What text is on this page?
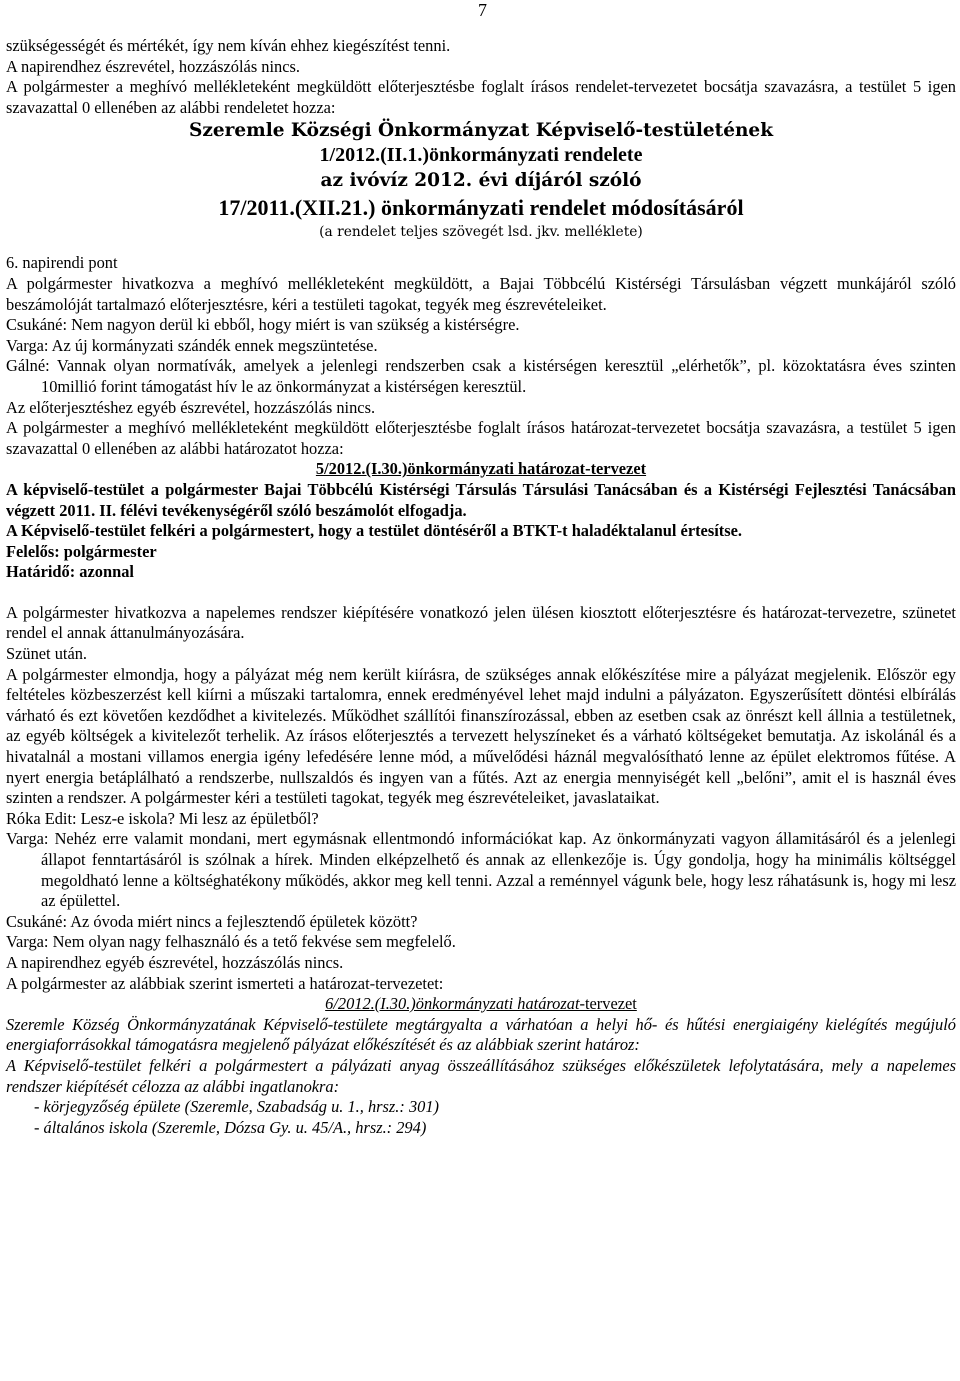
7

szükségességét és mértékét, így nem kíván ehhez kiegészítést tenni.

A napirendhez észrevétel, hozzászólás nincs.

A polgármester a meghívó mellékleteként megküldött előterjesztésbe foglalt írásos rendelet-tervezetet bocsátja szavazásra, a testület 5 igen szavazattal 0 ellenében az alábbi rendeletet hozza:

Szeremle Községi Önkormányzat Képviselő-testületének
1/2012.(II.1.)önkormányzati rendelete
az ivóvíz 2012. évi díjáról szóló
17/2011.(XII.21.) önkormányzati rendelet módosításáról
(a rendelet teljes szövegét lsd. jkv. melléklete)

6. napirendi pont

A polgármester hivatkozva a meghívó mellékleteként megküldött, a Bajai Többcélú Kistérségi Társulásban végzett munkájáról szóló beszámolóját tartalmazó előterjesztésre, kéri a testületi tagokat, tegyék meg észrevételeiket.

Csukáné: Nem nagyon derül ki ebből, hogy miért is van szükség a kistérségre.

Varga: Az új kormányzati szándék ennek megszüntetése.

Gálné: Vannak olyan normatívák, amelyek a jelenlegi rendszerben csak a kistérségen keresztül „elérhetők”, pl. közoktatásra éves szinten 10millió forint támogatást hív le az önkormányzat a kistérségen keresztül.

Az előterjesztéshez egyéb észrevétel, hozzászólás nincs.

A polgármester a meghívó mellékleteként megküldött előterjesztésbe foglalt írásos határozat-tervezetet bocsátja szavazásra, a testület 5 igen szavazattal 0 ellenében az alábbi határozatot hozza:

5/2012.(I.30.)önkormányzati határozat-tervezet

A képviselő-testület a polgármester Bajai Többcélú Kistérségi Társulás Társulási Tanácsában és a Kistérségi Fejlesztési Tanácsában végzett 2011. II. félévi tevékenységéről szóló beszámolót elfogadja.

A Képviselő-testület felkéri a polgármestert, hogy a testület döntéséről a BTKT-t haladéktalanul értesítse.

Felelős: polgármester

Határidő: azonnal

A polgármester hivatkozva a napelemes rendszer kiépítésére vonatkozó jelen ülésen kiosztott előterjesztésre és határozat-tervezetre, szünetet rendel el annak áttanulmányozására.

Szünet után.

A polgármester elmondja, hogy a pályázat még nem került kiírásra, de szükséges annak előkészítése mire a pályázat megjelenik. Először egy feltételes közbeszerzést kell kiírni a műszaki tartalomra, ennek eredményével lehet majd indulni a pályázaton. Egyszerűsített döntési elbírálás várható és ezt követően kezdődhet a kivitelezés. Működhet szállítói finanszírozással, ebben az esetben csak az önrészt kell állnia a testületnek, az egyéb költségek a kivitelezőt terhelik. Az írásos előterjesztés a tervezett helyszíneket és a várható költségeket bemutatja. Az iskolánál és a hivatalnál a mostani villamos energia igény lefedésére lenne mód, a művelődési háznál megvalósítható lenne az épület elektromos fűtése. A nyert energia betáplálható a rendszerbe, nullszaldós és ingyen van a fűtés. Azt az energia mennyiségét kell „belőni”, amit el is használ éves szinten a rendszer. A polgármester kéri a testületi tagokat, tegyék meg észrevételeiket, javaslataikat.

Róka Edit: Lesz-e iskola? Mi lesz az épületből?

Varga: Nehéz erre valamit mondani, mert egymásnak ellentmondó információkat kap. Az önkormányzati vagyon államitásáról és a jelenlegi állapot fenntartásáról is szólnak a hírek. Minden elképzelhető és annak az ellenkezője is. Úgy gondolja, hogy ha minimális költséggel megoldható lenne a költséghatékony működés, akkor meg kell tenni. Azzal a reménnyel vágunk bele, hogy lesz ráhatásunk is, hogy mi lesz az épülettel.

Csukáné: Az óvoda miért nincs a fejlesztendő épületek között?

Varga: Nem olyan nagy felhasználó és a tető fekvése sem megfelelő.

A napirendhez egyéb észrevétel, hozzászólás nincs.

A polgármester az alábbiak szerint ismerteti a határozat-tervezetet:

6/2012.(I.30.)önkormányzati határozat-tervezet

Szeremle Község Önkormányzatának Képviselő-testülete megtárgyalta a várhatóan a helyi hő- és hűtési energiaigény kielégítés megújuló energiaforrásokkal támogatásra megjelenő pályázat előkészítését és az alábbiak szerint határoz:

A Képviselő-testület felkéri a polgármestert a pályázati anyag összeállításához szükséges előkészületek lefolytatására, mely a napelemes rendszer kiépítését célozza az alábbi ingatlanokra:

- körjegyzőség épülete (Szeremle, Szabadság u. 1., hrsz.: 301)

- általános iskola (Szeremle, Dózsa Gy. u. 45/A., hrsz.: 294)
